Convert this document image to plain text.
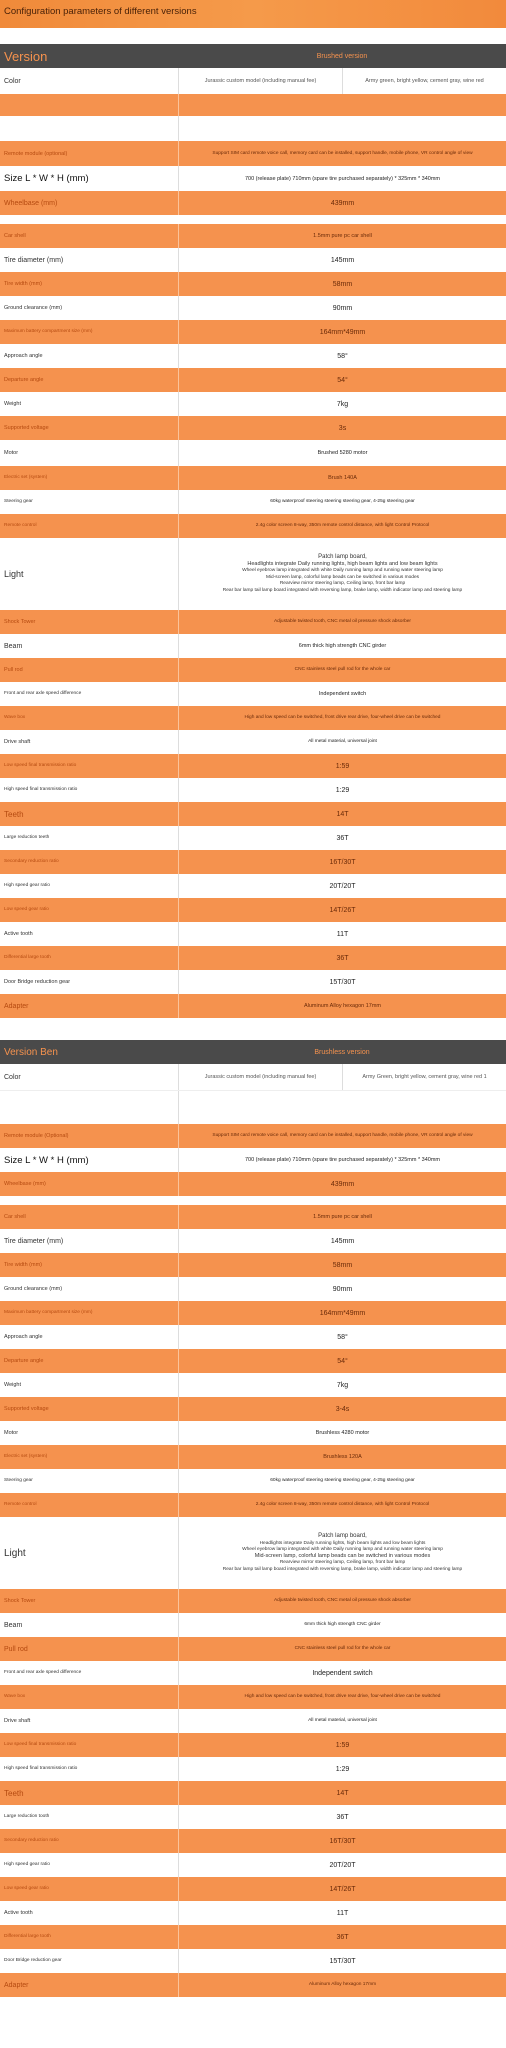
Configuration parameters of different versions
Version	Brushed version
Color	Jurassic custom model (including manual fee)	Army green, bright yellow, cement gray, wine red
Remote module (optional)	Support SIM card remote voice call, memory card can be installed, support handle, mobile phone, VR control angle of view
Size L * W * H (mm)	700 (release plate) 710mm (spare tire purchased separately) * 325mm * 340mm
Wheelbase (mm)	439mm
Car shell	1.5mm pure pc car shell
Tire diameter (mm)	145mm
Tire width (mm)	58mm
Ground clearance (mm)	90mm
Maximum battery compartment size (mm)	164mm*49mm
Approach angle	58°
Departure angle	54°
Weight	7kg
Supported voltage	3s
Motor	Brushed 5280 motor
Electric set (system)	Brush 140A
Steering gear	60kg waterproof steering steering steering gear, 4-25g steering gear
Remote control	2.4g color screen 8-way, 350m remote control distance, with light Control Protocol
Light
Patch lamp board,
Headlights integrate Daily running lights, high beam lights and low beam lights
Wheel eyebrow lamp integrated with white Daily running lamp and running water steering lamp
Mid-screen lamp, colorful lamp beads can be switched in various modes
Rearview mirror steering lamp, Ceiling lamp, front bar lamp
Rear bar lamp tail lamp board integrated with reversing lamp, brake lamp, width indicator lamp and steering lamp
Shock Tower	Adjustable twisted tooth, CNC metal oil pressure shock absorber
Beam	6mm thick high strength CNC girder
Pull rod	CNC stainless steel pull rod for the whole car
Front and rear axle speed difference	Independent switch
Wave box	High and low speed can be switched, front drive rear drive, four-wheel drive can be switched
Drive shaft	All metal material, universal joint
Low speed final transmission ratio	1:59
High speed final transmission ratio	1:29
Teeth	14T
Large reduction teeth	36T
Secondary reduction ratio	16T/30T
High speed gear ratio	20T/20T
Low speed gear ratio	14T/26T
Active tooth	11T
Differential large tooth	36T
Door Bridge reduction gear	15T/30T
Adapter	Aluminum Alloy hexagon 17mm
Version Ben	Brushless version
Color	Jurassic custom model (including manual fee)	Army Green, bright yellow, cement gray, wine red 1
Remote module (Optional)	Support SIM card remote voice call, memory card can be installed, support handle, mobile phone, VR control angle of view
Size L * W * H (mm)	700 (release plate) 710mm (spare tire purchased separately) * 325mm * 340mm
Wheelbase (mm)	439mm
Car shell	1.5mm pure pc car shell
Tire diameter (mm)	145mm
Tire width (mm)	58mm
Ground clearance (mm)	90mm
Maximum battery compartment size (mm)	164mm*49mm
Approach angle	58°
Departure angle	54°
Weight	7kg
Supported voltage	3-4s
Motor	Brushless 4280 motor
Electric set (system)	Brushless 120A
Steering gear	60kg waterproof steering steering steering gear, 4-25g steering gear
Remote control	2.4g color screen 8-way, 350m remote control distance, with light Control Protocol
Light
Patch lamp board,
Headlights integrate Daily running lights, high beam lights and low beam lights
Wheel eyebrow lamp integrated with white Daily running lamp and running water steering lamp
Mid-screen lamp, colorful lamp beads can be switched in various modes
Rearview mirror steering lamp, Ceiling lamp, front bar lamp
Rear bar lamp tail lamp board integrated with reversing lamp, brake lamp, width indicator lamp and steering lamp
Shock Tower	Adjustable twisted tooth, CNC metal oil pressure shock absorber
Beam	6mm thick high strength CNC girder
Pull rod	CNC stainless steel pull rod for the whole car
Front and rear axle speed difference	Independent switch
Wave box	High and low speed can be switched, front drive rear drive, four-wheel drive can be switched
Drive shaft	All metal material, universal joint
Low speed final transmission ratio	1:59
High speed final transmission ratio	1:29
Teeth	14T
Large reduction tooth	36T
Secondary reduction ratio	16T/30T
High speed gear ratio	20T/20T
Low speed gear ratio	14T/26T
Active tooth	11T
Differential large tooth	36T
Door Bridge reduction gear	15T/30T
Adapter	Aluminum Alloy hexagon 17mm
